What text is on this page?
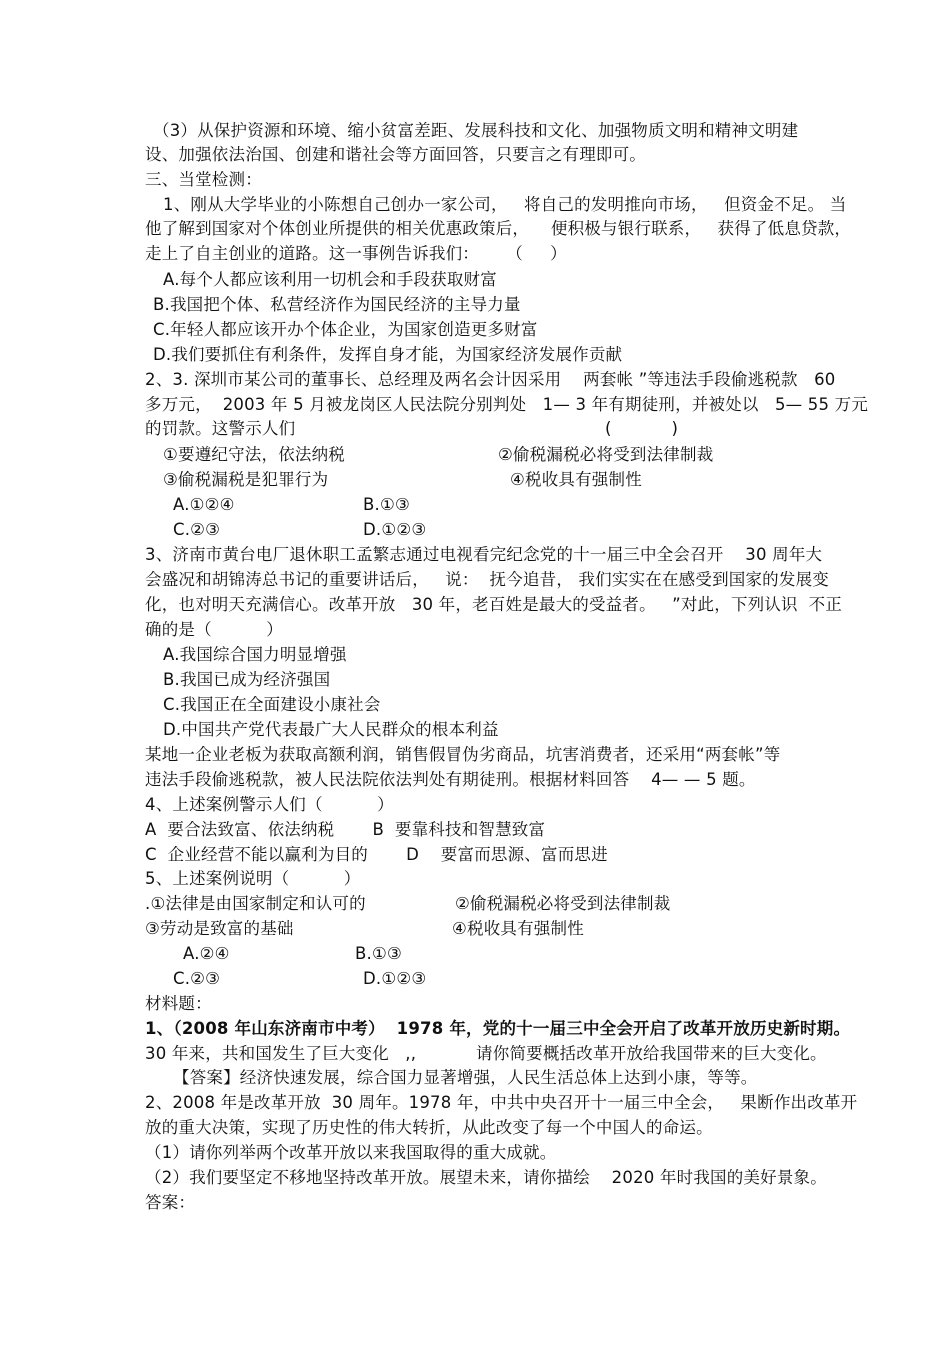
（3）从保护资源和环境、缩小贫富差距、发展科技和文化、加强物质文明和精神文明建
设、加强依法治国、创建和谐社会等方面回答，只要言之有理即可。
三、当堂检测：
1、刚从大学毕业的小陈想自己创办一家公司，   将自己的发明推向市场，   但资金不足。 当
他了解到国家对个体创业所提供的相关优惠政策后，    便积极与银行联系，   获得了低息贷款，
走上了自主创业的道路。这一事例告诉我们：     （     ）
A.每个人都应该利用一切机会和手段获取财富
B.我国把个体、私营经济作为国民经济的主导力量
C.年轻人都应该开办个体企业，为国家创造更多财富
D.我们要抓住有利条件，发挥自身才能，为国家经济发展作贡献
2、3. 深圳市某公司的董事长、总经理及两名会计因采用    两套帐 ”等违法手段偷逃税款   60
多万元，  2003 年 5 月被龙岗区人民法院分别判处   1— 3 年有期徒刑，并被处以   5— 55 万元
的罚款。这警示人们	(           )
①要遵纪守法，依法纳税	②偷税漏税必将受到法律制裁
③偷税漏税是犯罪行为	④税收具有强制性
A.①②④	B.①③
C.②③	D.①②③
3、济南市黄台电厂退休职工孟繁志通过电视看完纪念党的十一届三中全会召开    30 周年大
会盛况和胡锦涛总书记的重要讲话后，   说：  抚今追昔， 我们实实在在感受到国家的发展变
化，也对明天充满信心。改革开放   30 年，老百姓是最大的受益者。   ”对此，下列认识  不正
确的是（          ）
A.我国综合国力明显增强
B.我国已成为经济强国
C.我国正在全面建设小康社会
D.中国共产党代表最广大人民群众的根本利益
某地一企业老板为获取高额利润，销售假冒伪劣商品，坑害消费者，还采用“两套帐”等
违法手段偷逃税款，被人民法院依法判处有期徒刑。根据材料回答    4— — 5 题。
4、上述案例警示人们（          ）
A  要合法致富、依法纳税       B  要靠科技和智慧致富
C  企业经营不能以赢利为目的       D    要富而思源、富而思进
5、上述案例说明（          ）
.①法律是由国家制定和认可的	②偷税漏税必将受到法律制裁
③劳动是致富的基础	④税收具有强制性
A.②④	B.①③
C.②③	D.①②③
材料题：
1、（2008 年山东济南市中考）  1978 年，党的十一届三中全会开启了改革开放历史新时期。
30 年来，共和国发生了巨大变化   ,,           请你简要概括改革开放给我国带来的巨大变化。
【答案】经济快速发展，综合国力显著增强，人民生活总体上达到小康，等等。
2、2008 年是改革开放  30 周年。1978 年，中共中央召开十一届三中全会，   果断作出改革开
放的重大决策，实现了历史性的伟大转折，从此改变了每一个中国人的命运。
（1）请你列举两个改革开放以来我国取得的重大成就。
（2）我们要坚定不移地坚持改革开放。展望未来，请你描绘    2020 年时我国的美好景象。
答案：
